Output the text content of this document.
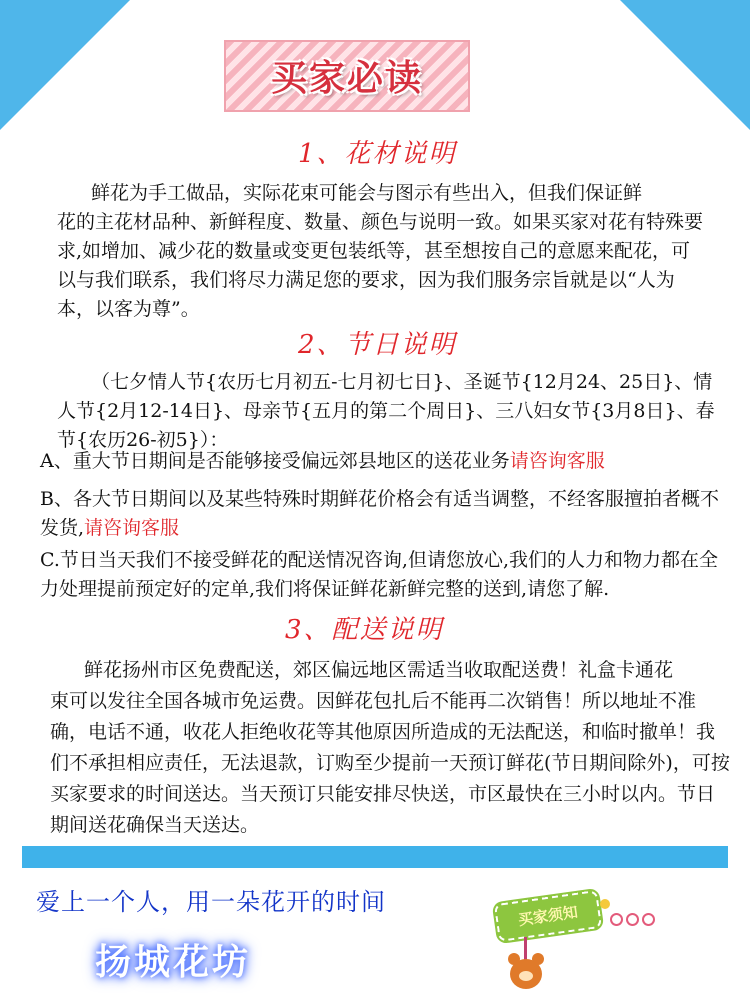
买家必读
1、花材说明
鲜花为手工做品，实际花束可能会与图示有些出入，但我们保证鲜
花的主花材品种、新鲜程度、数量、颜色与说明一致。如果买家对花有特殊要求,如增加、减少花的数量或变更包装纸等，甚至想按自己的意愿来配花，可以与我们联系，我们将尽力满足您的要求，因为我们服务宗旨就是以“人为本，以客为尊”。
2、节日说明
（七夕情人节{农历七月初五-七月初七日}、圣诞节{12月24、25日}、情
人节{2月12-14日}、母亲节{五月的第二个周日}、三八妇女节{3月8日}、春节{农历26-初5}）：
A、重大节日期间是否能够接受偏远郊县地区的送花业务请咨询客服
B、各大节日期间以及某些特殊时期鲜花价格会有适当调整，不经客服擅拍者概不发货,请咨询客服
C.节日当天我们不接受鲜花的配送情况咨询,但请您放心,我们的人力和物力都在全力处理提前预定好的定单,我们将保证鲜花新鲜完整的送到,请您了解.
3、配送说明
鲜花扬州市区免费配送，郊区偏远地区需适当收取配送费！礼盒卡通花
束可以发往全国各城市免运费。因鲜花包扎后不能再二次销售！所以地址不准确，电话不通，收花人拒绝收花等其他原因所造成的无法配送，和临时撤单！我们不承担相应责任，无法退款，订购至少提前一天预订鲜花(节日期间除外)，可按买家要求的时间送达。当天预订只能安排尽快送，市区最快在三小时以内。节日期间送花确保当天送达。
爱上一个人，用一朵花开的时间
扬城花坊
买家须知
